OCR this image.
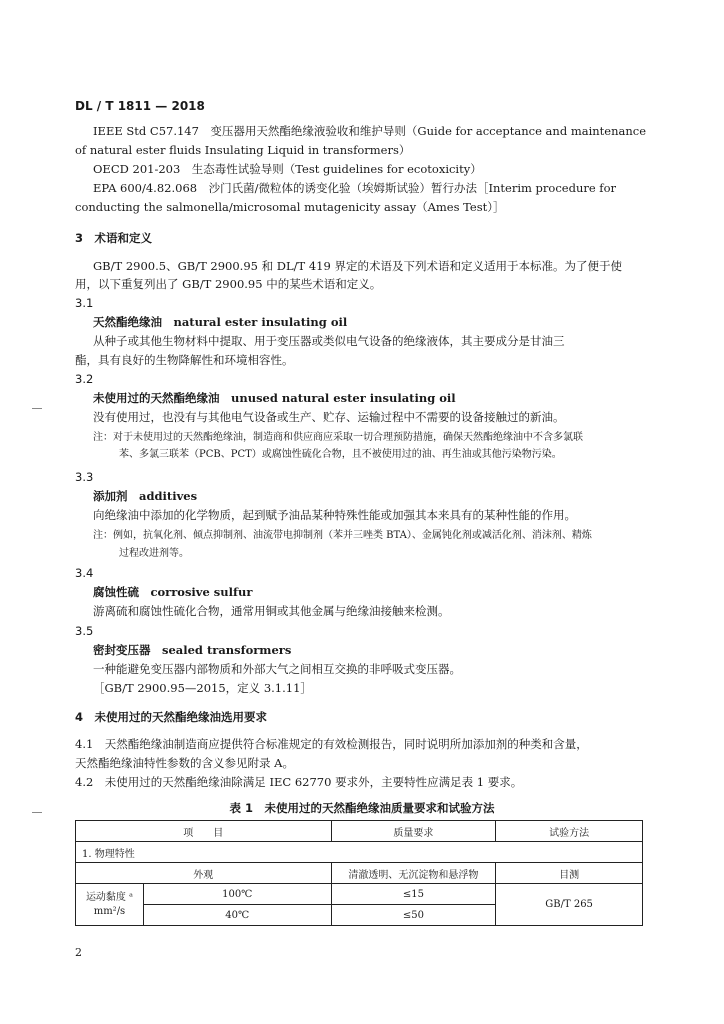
DL / T 1811 — 2018
IEEE Std C57.147　变压器用天然酯绝缘液验收和维护导则（Guide for acceptance and maintenance
of natural ester fluids Insulating Liquid in transformers）
OECD 201-203　生态毒性试验导则（Test guidelines for ecotoxicity）
EPA 600/4.82.068　沙门氏菌/微粒体的诱变化验（埃姆斯试验）暂行办法［Interim procedure for
conducting the salmonella/microsomal mutagenicity assay（Ames Test）］
3　术语和定义
GB/T 2900.5、GB/T 2900.95 和 DL/T 419 界定的术语及下列术语和定义适用于本标准。为了便于使
用，以下重复列出了 GB/T 2900.95 中的某些术语和定义。
3.1
天然酯绝缘油　natural ester insulating oil
从种子或其他生物材料中提取、用于变压器或类似电气设备的绝缘液体，其主要成分是甘油三
酯，具有良好的生物降解性和环境相容性。
3.2
未使用过的天然酯绝缘油　unused natural ester insulating oil
没有使用过，也没有与其他电气设备或生产、贮存、运输过程中不需要的设备接触过的新油。
注：对于未使用过的天然酯绝缘油，制造商和供应商应采取一切合理预防措施，确保天然酯绝缘油中不含多氯联
苯、多氯三联苯（PCB、PCT）或腐蚀性硫化合物，且不被使用过的油、再生油或其他污染物污染。
3.3
添加剂　additives
向绝缘油中添加的化学物质，起到赋予油品某种特殊性能或加强其本来具有的某种性能的作用。
注：例如，抗氧化剂、倾点抑制剂、油流带电抑制剂（苯并三唑类 BTA）、金属钝化剂或减活化剂、消沫剂、精炼
过程改进剂等。
3.4
腐蚀性硫　corrosive sulfur
游离硫和腐蚀性硫化合物，通常用铜或其他金属与绝缘油接触来检测。
3.5
密封变压器　sealed transformers
一种能避免变压器内部物质和外部大气之间相互交换的非呼吸式变压器。
［GB/T 2900.95—2015，定义 3.1.11］
4　未使用过的天然酯绝缘油选用要求
4.1　天然酯绝缘油制造商应提供符合标准规定的有效检测报告，同时说明所加添加剂的种类和含量，
天然酯绝缘油特性参数的含义参见附录 A。
4.2　未使用过的天然酯绝缘油除满足 IEC 62770 要求外，主要特性应满足表 1 要求。
表 1　未使用过的天然酯绝缘油质量要求和试验方法
项　　目		质量要求	试验方法
1. 物理特性			
外观		清澈透明、无沉淀物和悬浮物	目测

运动黏度 ᵃ
mm²/s	100℃	≤15	GB/T 265
	40℃	≤50	
2
